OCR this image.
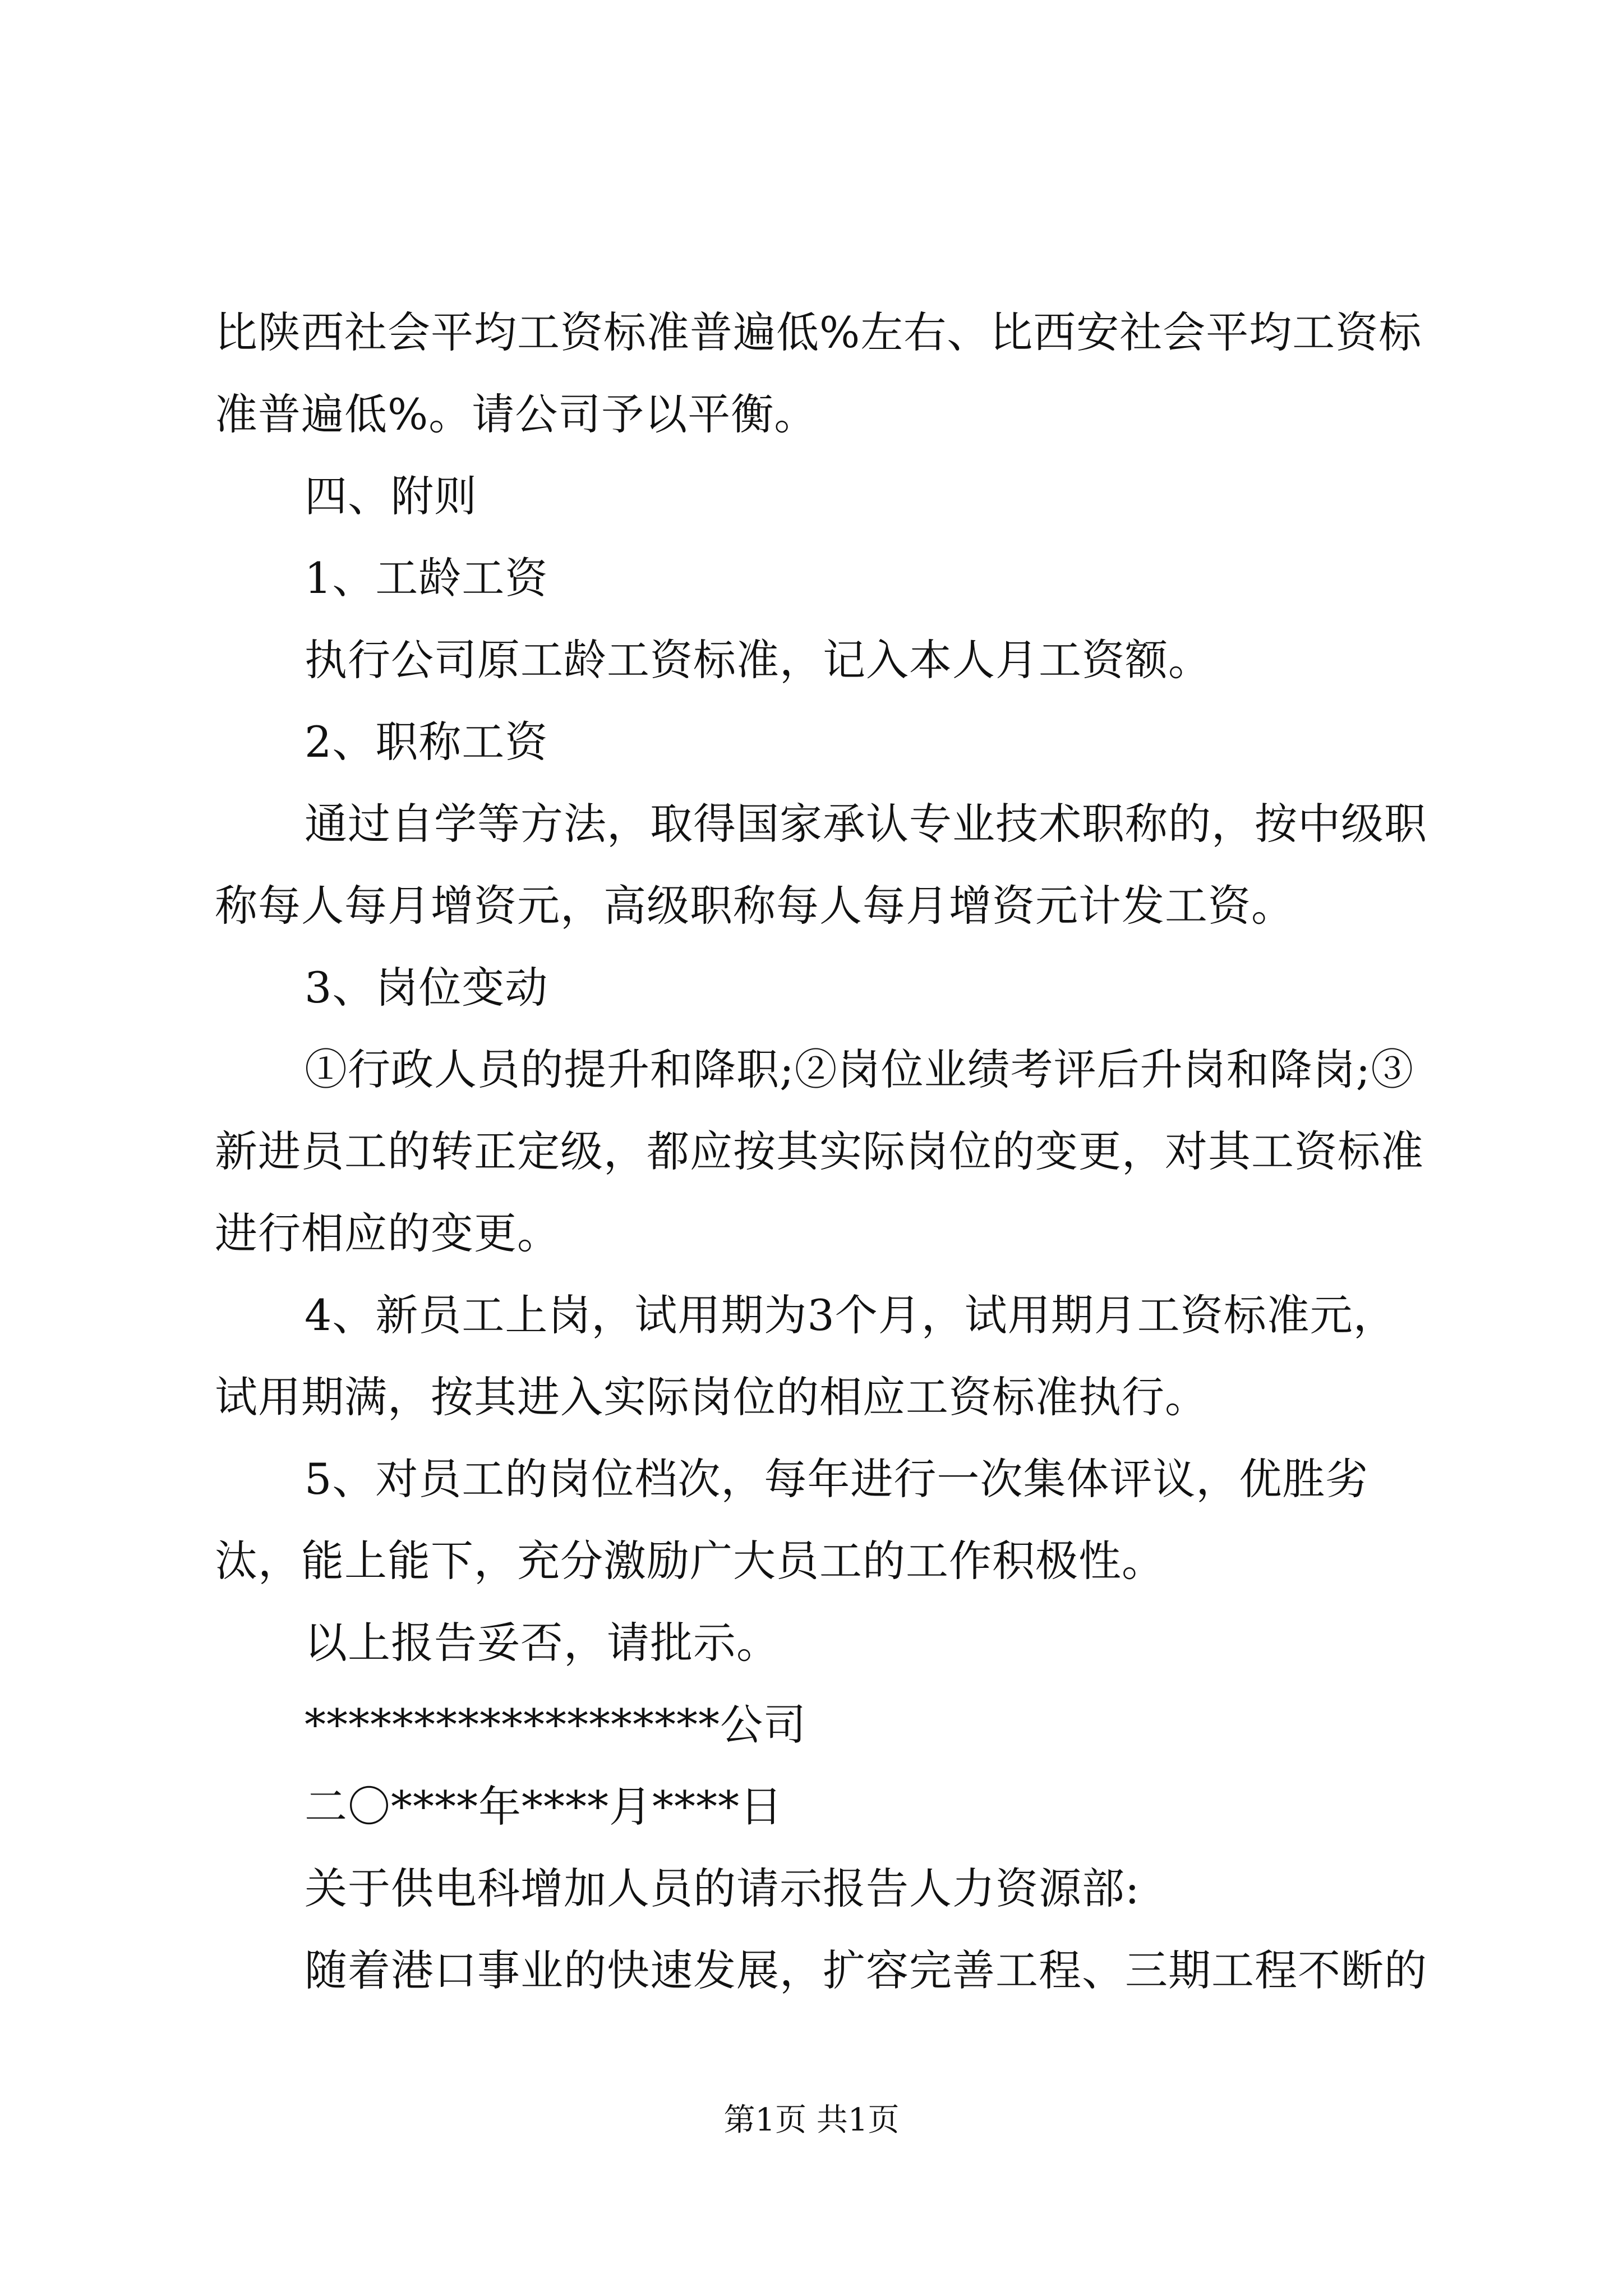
比陕西社会平均工资标准普遍低%左右、比西安社会平均工资标准普遍低%。请公司予以平衡。

四、附则

1、工龄工资

执行公司原工龄工资标准，记入本人月工资额。

2、职称工资

通过自学等方法，取得国家承认专业技术职称的，按中级职称每人每月增资元，高级职称每人每月增资元计发工资。

3、岗位变动

①行政人员的提升和降职;②岗位业绩考评后升岗和降岗;③新进员工的转正定级，都应按其实际岗位的变更，对其工资标准进行相应的变更。

4、新员工上岗，试用期为3个月，试用期月工资标准元，试用期满，按其进入实际岗位的相应工资标准执行。

5、对员工的岗位档次，每年进行一次集体评议，优胜劣汰，能上能下，充分激励广大员工的工作积极性。

以上报告妥否，请批示。

*******************公司

二〇****年****月****日

关于供电科增加人员的请示报告人力资源部:

随着港口事业的快速发展，扩容完善工程、三期工程不断的

第1页 共1页
